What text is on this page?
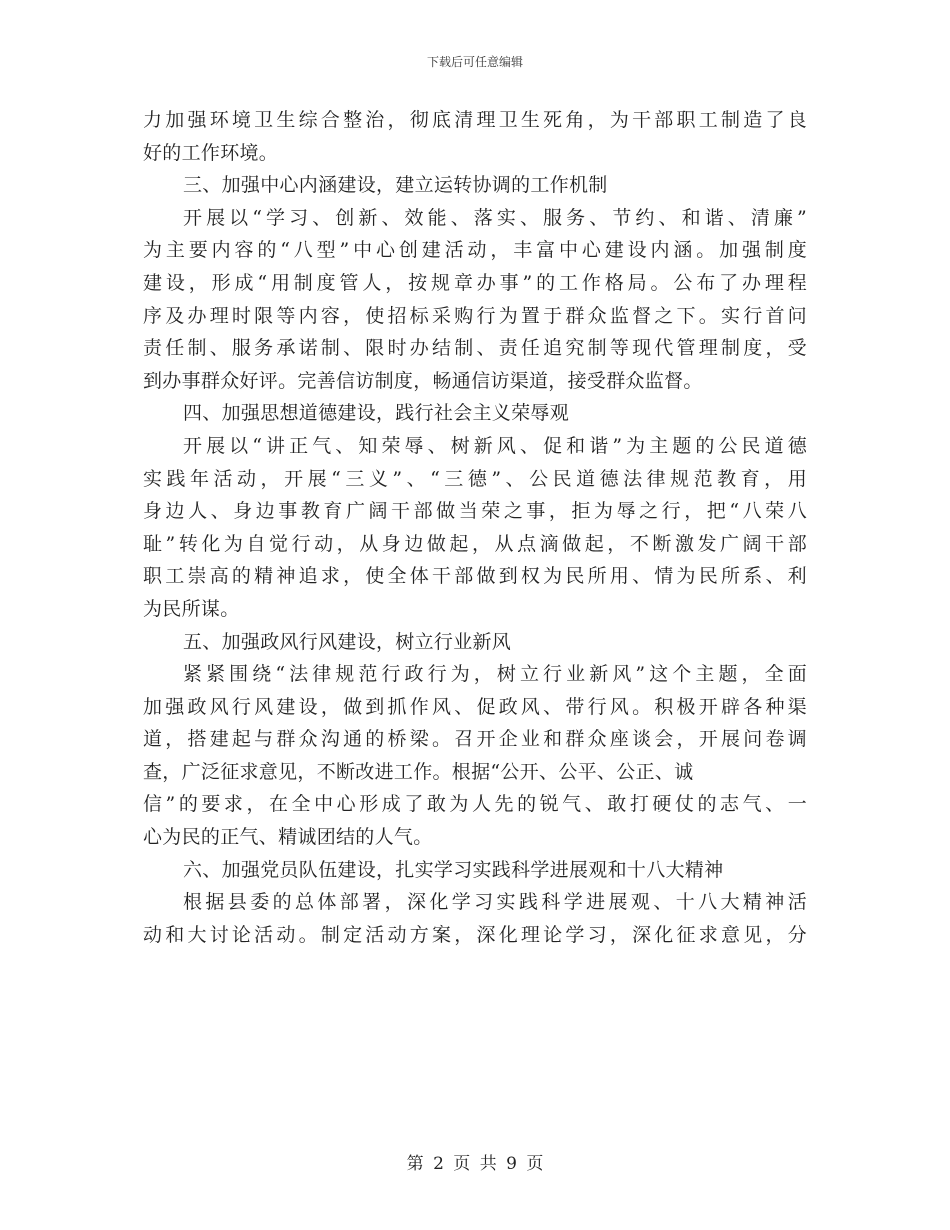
下载后可任意编辑
力加强环境卫生综合整治，彻底清理卫生死角，为干部职工制造了良
好的工作环境。
三、加强中心内涵建设，建立运转协调的工作机制
开展以“学习、创新、效能、落实、服务、节约、和谐、清廉”
为主要内容的“八型”中心创建活动，丰富中心建设内涵。加强制度
建设，形成“用制度管人，按规章办事”的工作格局。公布了办理程
序及办理时限等内容，使招标采购行为置于群众监督之下。实行首问
责任制、服务承诺制、限时办结制、责任追究制等现代管理制度，受
到办事群众好评。完善信访制度，畅通信访渠道，接受群众监督。
四、加强思想道德建设，践行社会主义荣辱观
开展以“讲正气、知荣辱、树新风、促和谐”为主题的公民道德
实践年活动，开展“三义”、“三德”、公民道德法律规范教育，用
身边人、身边事教育广阔干部做当荣之事，拒为辱之行，把“八荣八
耻”转化为自觉行动，从身边做起，从点滴做起，不断激发广阔干部
职工崇高的精神追求，使全体干部做到权为民所用、情为民所系、利
为民所谋。
五、加强政风行风建设，树立行业新风
紧紧围绕“法律规范行政行为，树立行业新风”这个主题，全面
加强政风行风建设，做到抓作风、促政风、带行风。积极开辟各种渠
道，搭建起与群众沟通的桥梁。召开企业和群众座谈会，开展问卷调
查，广泛征求意见，不断改进工作。根据“公开、公平、公正、诚
信”的要求，在全中心形成了敢为人先的锐气、敢打硬仗的志气、一
心为民的正气、精诚团结的人气。
六、加强党员队伍建设，扎实学习实践科学进展观和十八大精神
根据县委的总体部署，深化学习实践科学进展观、十八大精神活
动和大讨论活动。制定活动方案，深化理论学习，深化征求意见，分
第 2 页 共 9 页
